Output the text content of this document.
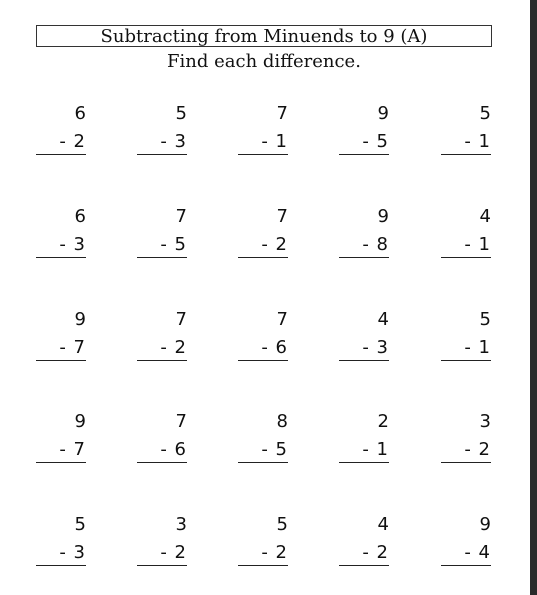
Subtracting from Minuends to 9 (A)
Find each difference.
6
- 2
5
- 3
7
- 1
9
- 5
5
- 1
6
- 3
7
- 5
7
- 2
9
- 8
4
- 1
9
- 7
7
- 2
7
- 6
4
- 3
5
- 1
9
- 7
7
- 6
8
- 5
2
- 1
3
- 2
5
- 3
3
- 2
5
- 2
4
- 2
9
- 4
